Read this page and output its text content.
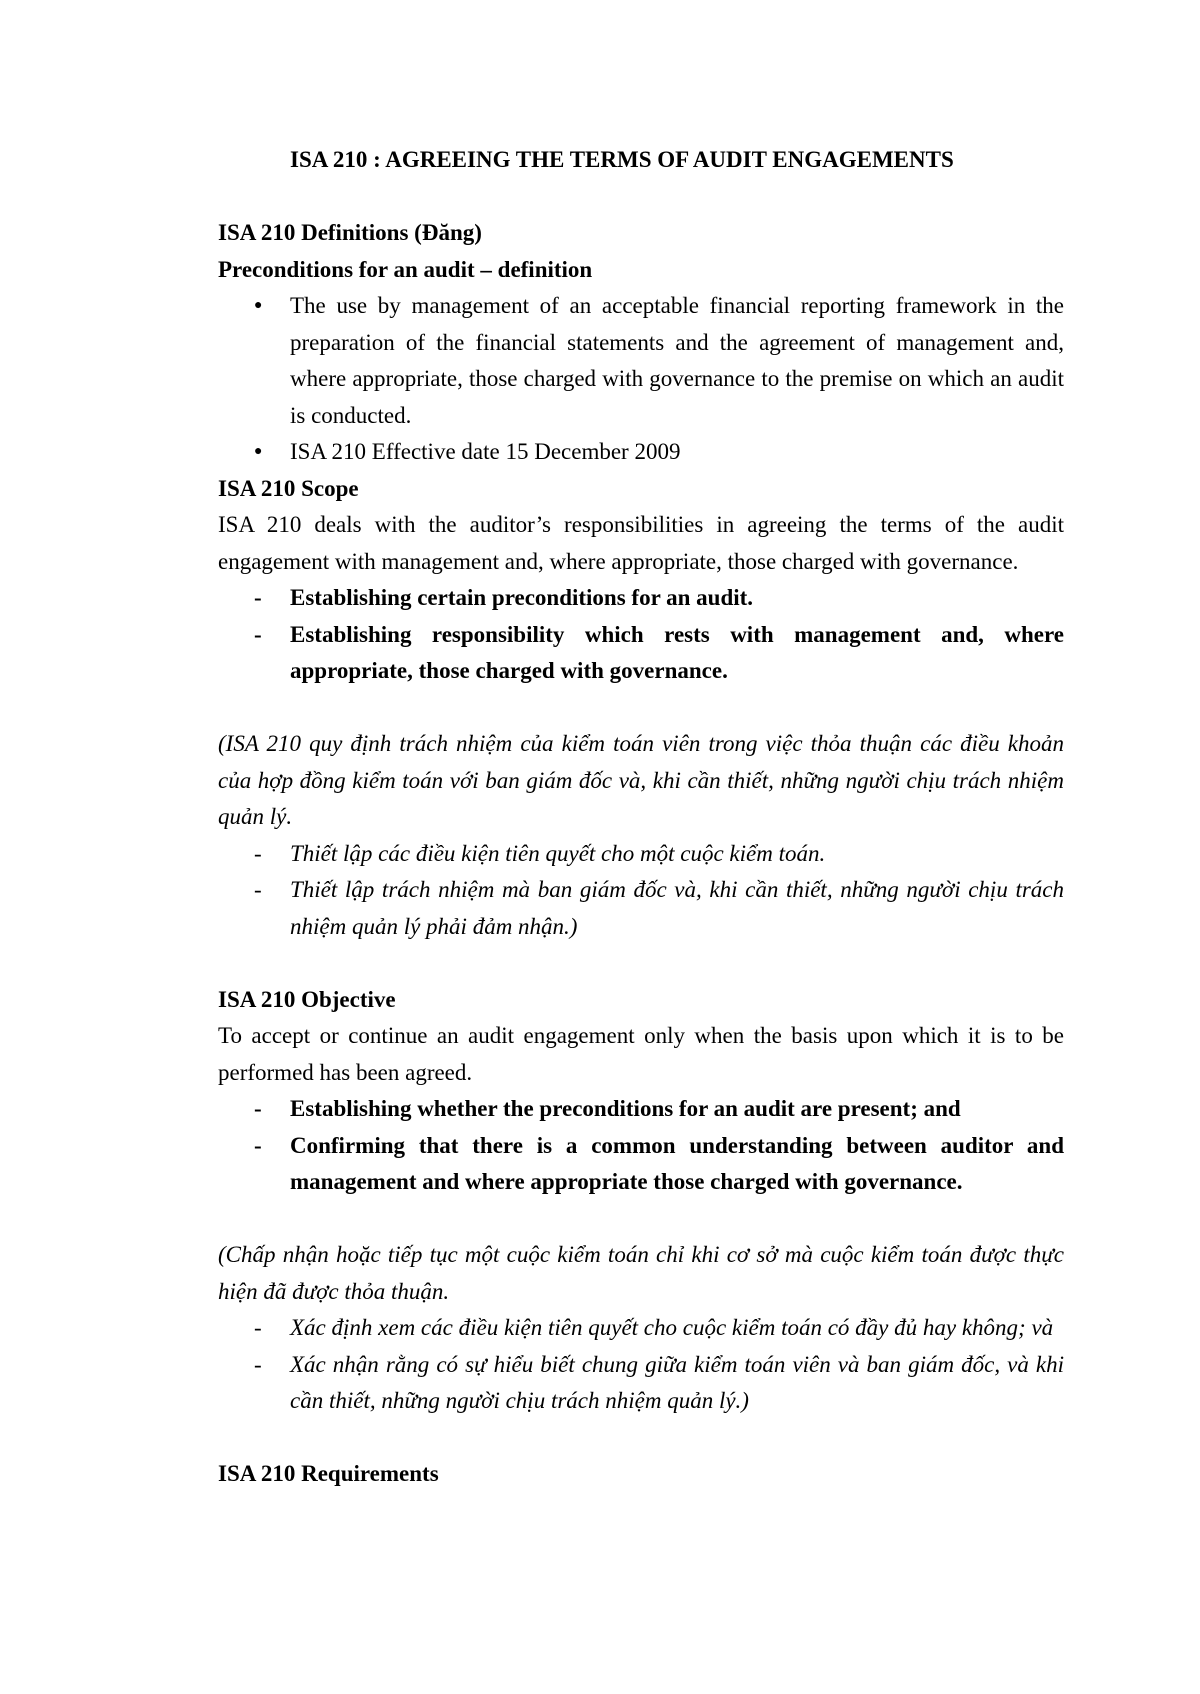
ISA 210 : AGREEING THE TERMS OF AUDIT ENGAGEMENTS
ISA 210 Definitions (Đăng)
Preconditions for an audit – definition
● The use by management of an acceptable financial reporting framework in the preparation of the financial statements and the agreement of management and, where appropriate, those charged with governance to the premise on which an audit is conducted.
● ISA 210 Effective date 15 December 2009
ISA 210 Scope

ISA 210 deals with the auditor’s responsibilities in agreeing the terms of the audit engagement with management and, where appropriate, those charged with governance.

- Establishing certain preconditions for an audit.
- Establishing responsibility which rests with management and, where appropriate, those charged with governance.

(ISA 210 quy định trách nhiệm của kiểm toán viên trong việc thỏa thuận các điều khoản của hợp đồng kiểm toán với ban giám đốc và, khi cần thiết, những người chịu trách nhiệm quản lý.

- Thiết lập các điều kiện tiên quyết cho một cuộc kiểm toán.
- Thiết lập trách nhiệm mà ban giám đốc và, khi cần thiết, những người chịu trách nhiệm quản lý phải đảm nhận.)
ISA 210 Objective

To accept or continue an audit engagement only when the basis upon which it is to be performed has been agreed.

- Establishing whether the preconditions for an audit are present; and
- Confirming that there is a common understanding between auditor and management and where appropriate those charged with governance.

(Chấp nhận hoặc tiếp tục một cuộc kiểm toán chỉ khi cơ sở mà cuộc kiểm toán được thực hiện đã được thỏa thuận.

- Xác định xem các điều kiện tiên quyết cho cuộc kiểm toán có đầy đủ hay không; và
- Xác nhận rằng có sự hiểu biết chung giữa kiểm toán viên và ban giám đốc, và khi cần thiết, những người chịu trách nhiệm quản lý.)
ISA 210 Requirements
